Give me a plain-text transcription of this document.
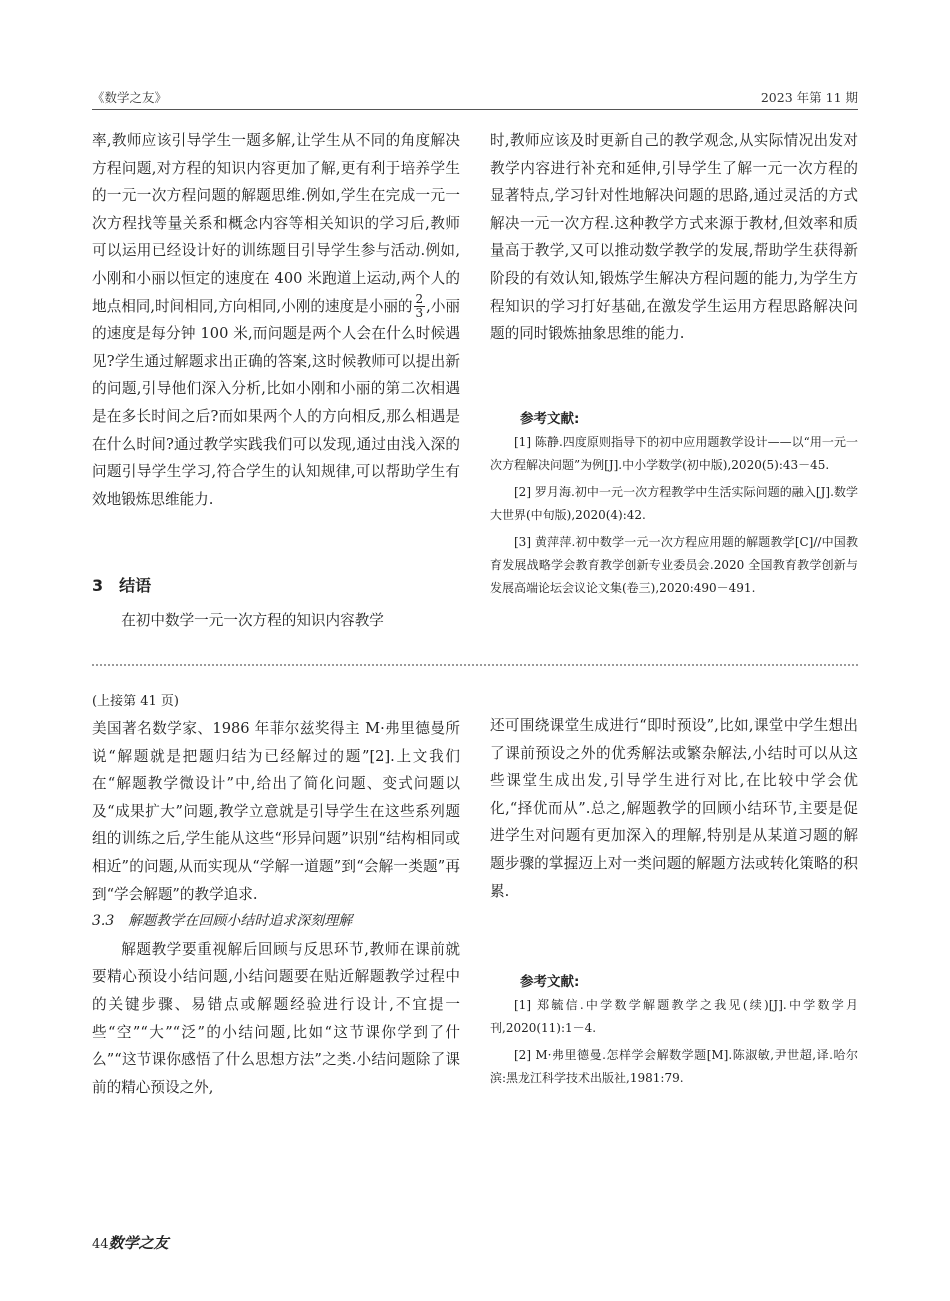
《数学之友》	2023 年第 11 期

率,教师应该引导学生一题多解,让学生从不同的角度解决方程问题,对方程的知识内容更加了解,更有利于培养学生的一元一次方程问题的解题思维.例如,学生在完成一元一次方程找等量关系和概念内容等相关知识的学习后,教师可以运用已经设计好的训练题目引导学生参与活动.例如,小刚和小丽以恒定的速度在 400 米跑道上运动,两个人的地点相同,时间相同,方向相同,小刚的速度是小丽的 $\frac{2}{3}$ ,小丽的速度是每分钟 100 米,而问题是两个人会在什么时候遇见?学生通过解题求出正确的答案,这时候教师可以提出新的问题,引导他们深入分析,比如小刚和小丽的第二次相遇是在多长时间之后?而如果两个人的方向相反,那么相遇是在什么时间?通过教学实践我们可以发现,通过由浅入深的问题引导学生学习,符合学生的认知规律,可以帮助学生有效地锻炼思维能力.

3　结语

在初中数学一元一次方程的知识内容教学

时,教师应该及时更新自己的教学观念,从实际情况出发对教学内容进行补充和延伸,引导学生了解一元一次方程的显著特点,学习针对性地解决问题的思路,通过灵活的方式解决一元一次方程.这种教学方式来源于教材,但效率和质量高于教学,又可以推动数学教学的发展,帮助学生获得新阶段的有效认知,锻炼学生解决方程问题的能力,为学生方程知识的学习打好基础,在激发学生运用方程思路解决问题的同时锻炼抽象思维的能力.

参考文献:

[1] 陈静.四度原则指导下的初中应用题教学设计——以“用一元一次方程解决问题”为例[J].中小学数学(初中版),2020(5):43－45.

[2] 罗月海.初中一元一次方程教学中生活实际问题的融入[J].数学大世界(中旬版),2020(4):42.

[3] 黄萍萍.初中数学一元一次方程应用题的解题教学[C]//中国教育发展战略学会教育教学创新专业委员会.2020 全国教育教学创新与发展高端论坛会议论文集(卷三),2020:490－491.

(上接第 41 页)

美国著名数学家、1986 年菲尔兹奖得主 M·弗里德曼所说“解题就是把题归结为已经解过的题”[2].上文我们在“解题教学微设计”中,给出了简化问题、变式问题以及“成果扩大”问题,教学立意就是引导学生在这些系列题组的训练之后,学生能从这些“形异问题”识别“结构相同或相近”的问题,从而实现从“学解一道题”到“会解一类题”再到“学会解题”的教学追求.

3.3　解题教学在回顾小结时追求深刻理解

解题教学要重视解后回顾与反思环节,教师在课前就要精心预设小结问题,小结问题要在贴近解题教学过程中的关键步骤、易错点或解题经验进行设计,不宜提一些“空”“大”“泛”的小结问题,比如“这节课你学到了什么”“这节课你感悟了什么思想方法”之类.小结问题除了课前的精心预设之外,

还可围绕课堂生成进行“即时预设”,比如,课堂中学生想出了课前预设之外的优秀解法或繁杂解法,小结时可以从这些课堂生成出发,引导学生进行对比,在比较中学会优化,“择优而从”.总之,解题教学的回顾小结环节,主要是促进学生对问题有更加深入的理解,特别是从某道习题的解题步骤的掌握迈上对一类问题的解题方法或转化策略的积累.

参考文献:

[1] 郑毓信.中学数学解题教学之我见(续)[J].中学数学月刊,2020(11):1－4.

[2] M·弗里德曼.怎样学会解数学题[M].陈淑敏,尹世超,译.哈尔滨:黑龙江科学技术出版社,1981:79.

44数学之友
